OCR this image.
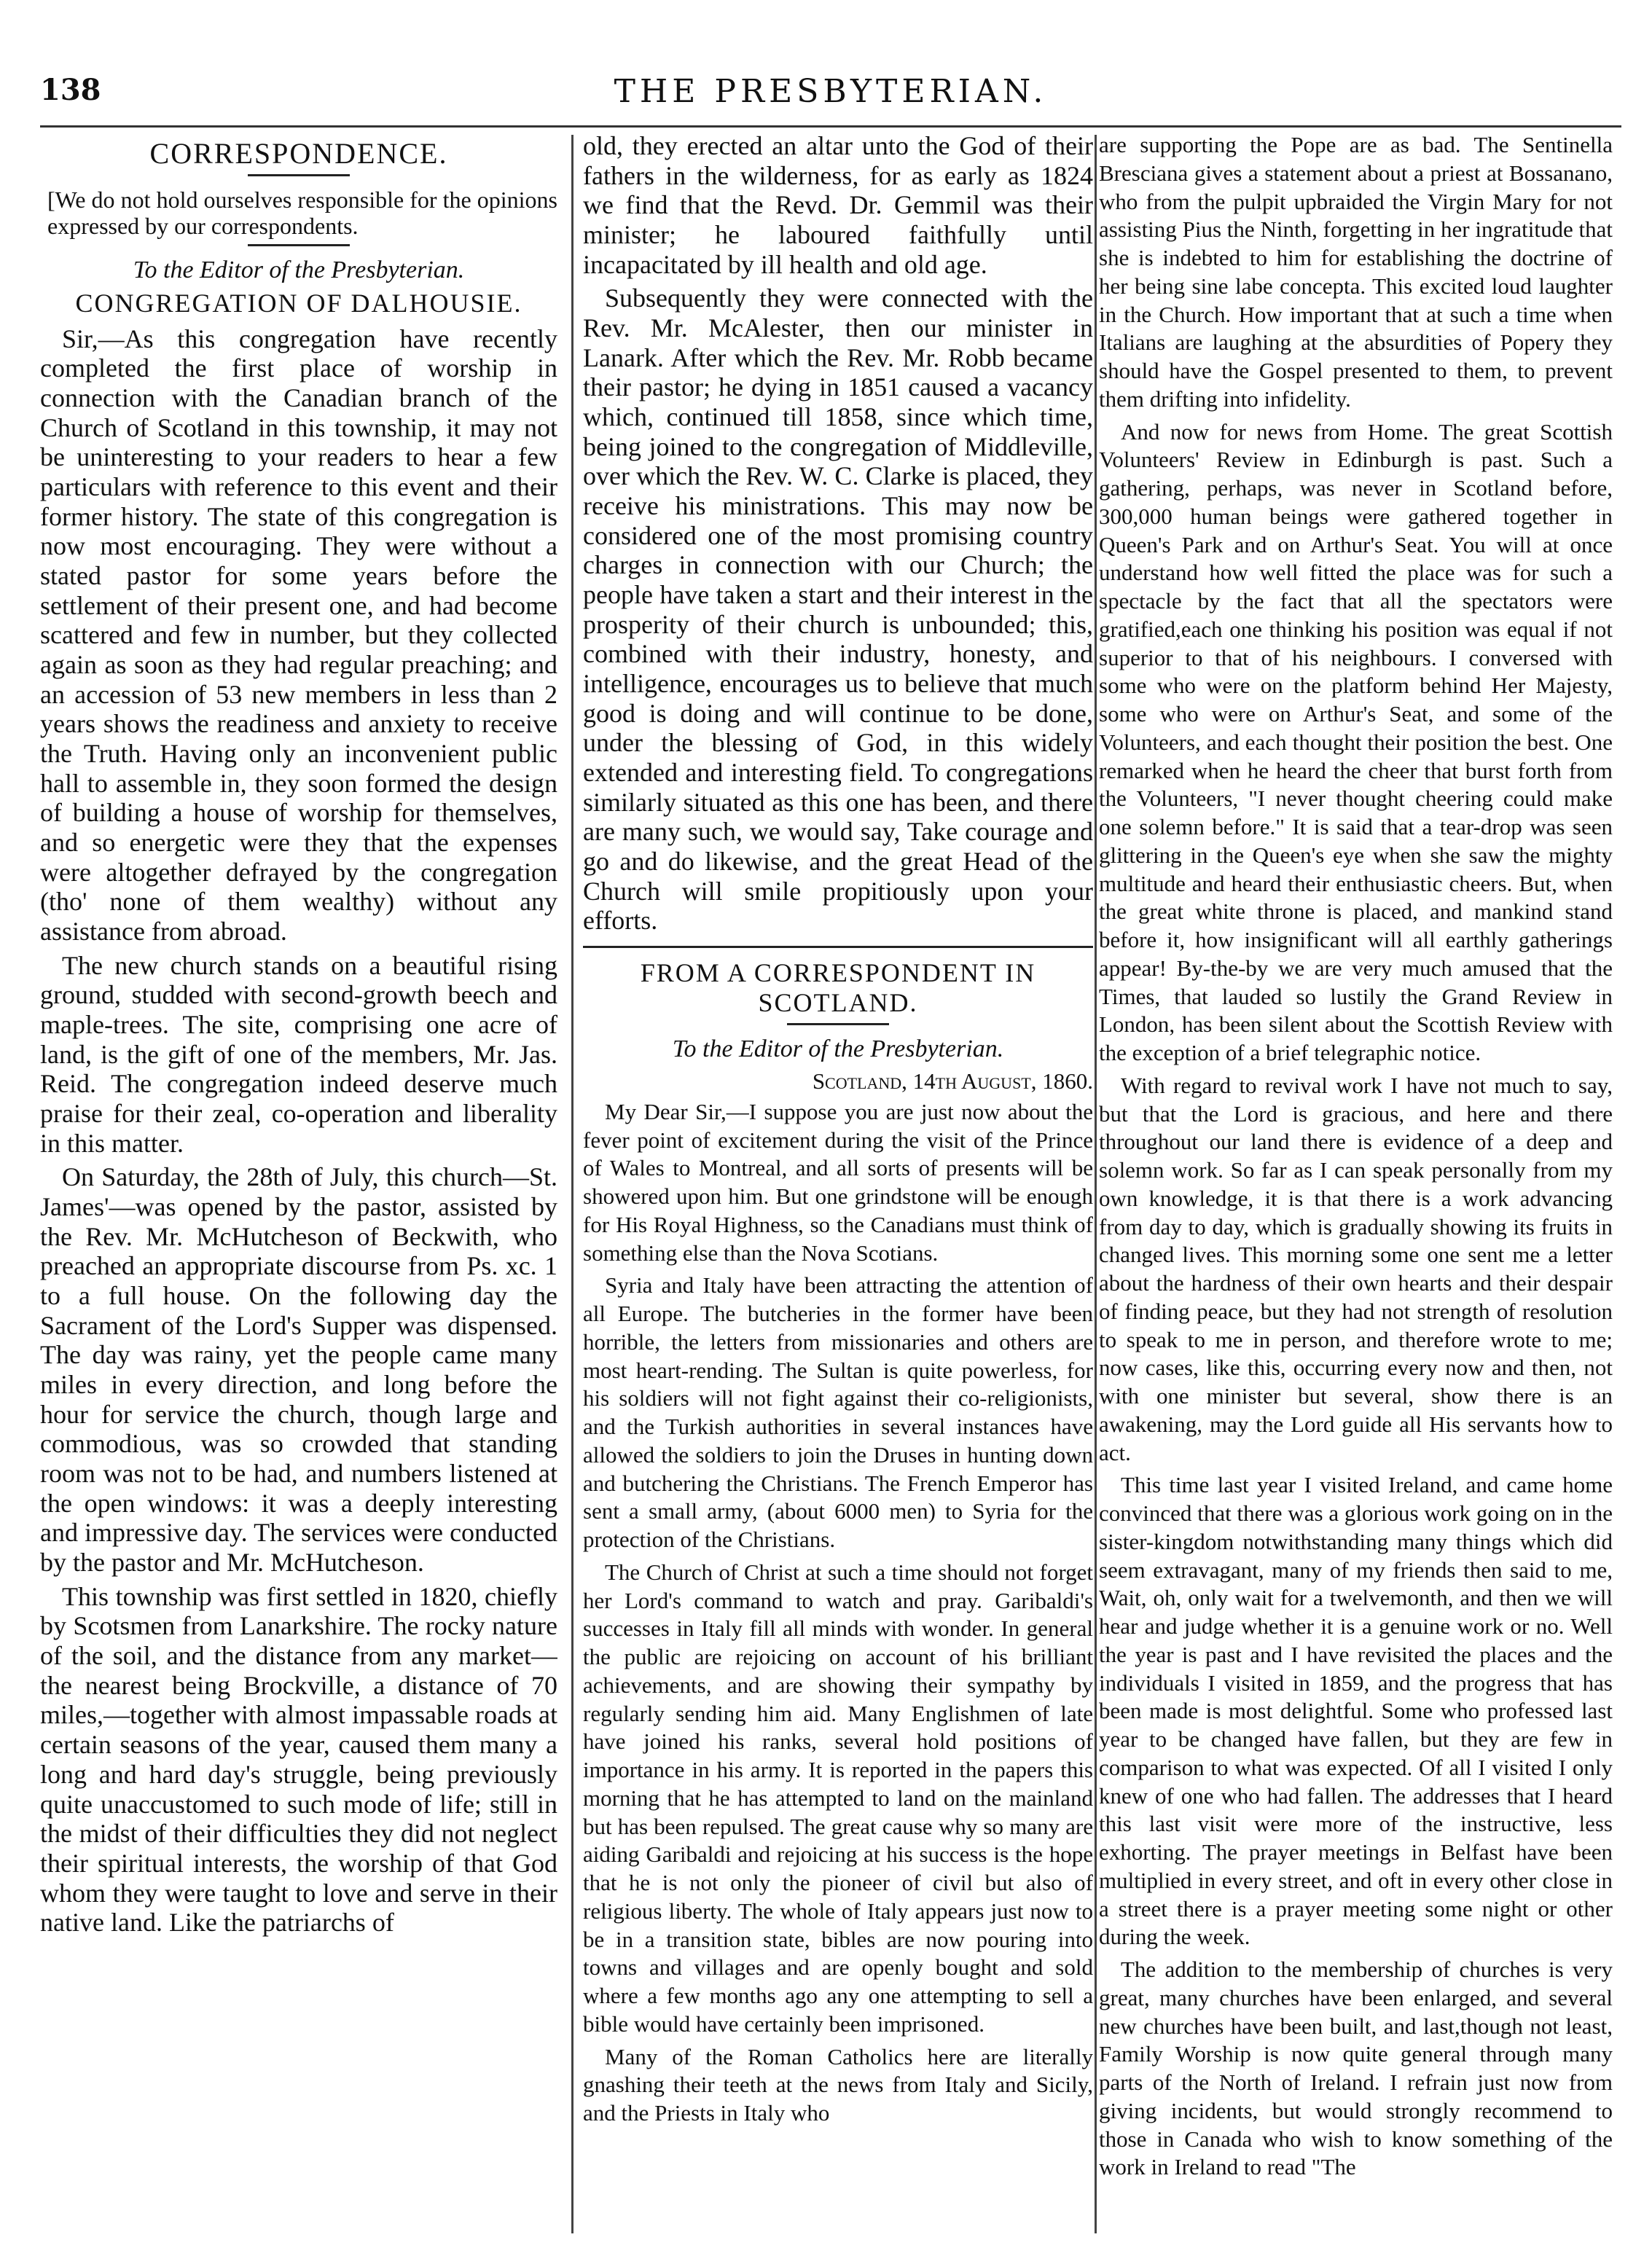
138	THE PRESBYTERIAN.
CORRESPONDENCE.

[We do not hold ourselves responsible for the opinions expressed by our correspondents.

To the Editor of the Presbyterian.

CONGREGATION OF DALHOUSIE.

Sir,—As this congregation have recently completed the first place of worship in connection with the Canadian branch of the Church of Scotland in this township, it may not be uninteresting to your readers to hear a few particulars with reference to this event and their former history. The state of this congregation is now most encouraging. They were without a stated pastor for some years before the settlement of their present one, and had become scattered and few in number, but they collected again as soon as they had regular preaching; and an accession of 53 new members in less than 2 years shows the readiness and anxiety to receive the Truth. Having only an inconvenient public hall to assemble in, they soon formed the design of building a house of worship for themselves, and so energetic were they that the expenses were altogether defrayed by the congregation (tho' none of them wealthy) without any assistance from abroad.

The new church stands on a beautiful rising ground, studded with second-growth beech and maple-trees. The site, comprising one acre of land, is the gift of one of the members, Mr. Jas. Reid. The congregation indeed deserve much praise for their zeal, co-operation and liberality in this matter.

On Saturday, the 28th of July, this church—St. James'—was opened by the pastor, assisted by the Rev. Mr. McHutcheson of Beckwith, who preached an appropriate discourse from Ps. xc. 1 to a full house. On the following day the Sacrament of the Lord's Supper was dispensed. The day was rainy, yet the people came many miles in every direction, and long before the hour for service the church, though large and commodious, was so crowded that standing room was not to be had, and numbers listened at the open windows: it was a deeply interesting and impressive day. The services were conducted by the pastor and Mr. McHutcheson.

This township was first settled in 1820, chiefly by Scotsmen from Lanarkshire. The rocky nature of the soil, and the distance from any market—the nearest being Brockville, a distance of 70 miles,—together with almost impassable roads at certain seasons of the year, caused them many a long and hard day's struggle, being previously quite unaccustomed to such mode of life; still in the midst of their difficulties they did not neglect their spiritual interests, the worship of that God whom they were taught to love and serve in their native land. Like the patriarchs of

old, they erected an altar unto the God of their fathers in the wilderness, for as early as 1824 we find that the Revd. Dr. Gemmil was their minister; he laboured faithfully until incapacitated by ill health and old age.

Subsequently they were connected with the Rev. Mr. McAlester, then our minister in Lanark. After which the Rev. Mr. Robb became their pastor; he dying in 1851 caused a vacancy which, continued till 1858, since which time, being joined to the congregation of Middleville, over which the Rev. W. C. Clarke is placed, they receive his ministrations. This may now be considered one of the most promising country charges in connection with our Church; the people have taken a start and their interest in the prosperity of their church is unbounded; this, combined with their industry, honesty, and intelligence, encourages us to believe that much good is doing and will continue to be done, under the blessing of God, in this widely extended and interesting field. To congregations similarly situated as this one has been, and there are many such, we would say, Take courage and go and do likewise, and the great Head of the Church will smile propitiously upon your efforts.

FROM A CORRESPONDENT IN SCOTLAND.

To the Editor of the Presbyterian.

Scotland, 14th August, 1860.

My Dear Sir,—I suppose you are just now about the fever point of excitement during the visit of the Prince of Wales to Montreal, and all sorts of presents will be showered upon him. But one grindstone will be enough for His Royal Highness, so the Canadians must think of something else than the Nova Scotians.

Syria and Italy have been attracting the attention of all Europe. The butcheries in the former have been horrible, the letters from missionaries and others are most heart-rending. The Sultan is quite powerless, for his soldiers will not fight against their co-religionists, and the Turkish authorities in several instances have allowed the soldiers to join the Druses in hunting down and butchering the Christians. The French Emperor has sent a small army, (about 6000 men) to Syria for the protection of the Christians.

The Church of Christ at such a time should not forget her Lord's command to watch and pray. Garibaldi's successes in Italy fill all minds with wonder. In general the public are rejoicing on account of his brilliant achievements, and are showing their sympathy by regularly sending him aid. Many Englishmen of late have joined his ranks, several hold positions of importance in his army. It is reported in the papers this morning that he has attempted to land on the mainland but has been repulsed. The great cause why so many are aiding Garibaldi and rejoicing at his success is the hope that he is not only the pioneer of civil but also of religious liberty. The whole of Italy appears just now to be in a transition state, bibles are now pouring into towns and villages and are openly bought and sold where a few months ago any one attempting to sell a bible would have certainly been imprisoned.

Many of the Roman Catholics here are literally gnashing their teeth at the news from Italy and Sicily, and the Priests in Italy who

are supporting the Pope are as bad. The Sentinella Bresciana gives a statement about a priest at Bossanano, who from the pulpit upbraided the Virgin Mary for not assisting Pius the Ninth, forgetting in her ingratitude that she is indebted to him for establishing the doctrine of her being sine labe concepta. This excited loud laughter in the Church. How important that at such a time when Italians are laughing at the absurdities of Popery they should have the Gospel presented to them, to prevent them drifting into infidelity.

And now for news from Home. The great Scottish Volunteers' Review in Edinburgh is past. Such a gathering, perhaps, was never in Scotland before, 300,000 human beings were gathered together in Queen's Park and on Arthur's Seat. You will at once understand how well fitted the place was for such a spectacle by the fact that all the spectators were gratified,each one thinking his position was equal if not superior to that of his neighbours. I conversed with some who were on the platform behind Her Majesty, some who were on Arthur's Seat, and some of the Volunteers, and each thought their position the best. One remarked when he heard the cheer that burst forth from the Volunteers, "I never thought cheering could make one solemn before." It is said that a tear-drop was seen glittering in the Queen's eye when she saw the mighty multitude and heard their enthusiastic cheers. But, when the great white throne is placed, and mankind stand before it, how insignificant will all earthly gatherings appear! By-the-by we are very much amused that the Times, that lauded so lustily the Grand Review in London, has been silent about the Scottish Review with the exception of a brief telegraphic notice.

With regard to revival work I have not much to say, but that the Lord is gracious, and here and there throughout our land there is evidence of a deep and solemn work. So far as I can speak personally from my own knowledge, it is that there is a work advancing from day to day, which is gradually showing its fruits in changed lives. This morning some one sent me a letter about the hardness of their own hearts and their despair of finding peace, but they had not strength of resolution to speak to me in person, and therefore wrote to me; now cases, like this, occurring every now and then, not with one minister but several, show there is an awakening, may the Lord guide all His servants how to act.

This time last year I visited Ireland, and came home convinced that there was a glorious work going on in the sister-kingdom notwithstanding many things which did seem extravagant, many of my friends then said to me, Wait, oh, only wait for a twelvemonth, and then we will hear and judge whether it is a genuine work or no. Well the year is past and I have revisited the places and the individuals I visited in 1859, and the progress that has been made is most delightful. Some who professed last year to be changed have fallen, but they are few in comparison to what was expected. Of all I visited I only knew of one who had fallen. The addresses that I heard this last visit were more of the instructive, less exhorting. The prayer meetings in Belfast have been multiplied in every street, and oft in every other close in a street there is a prayer meeting some night or other during the week.

The addition to the membership of churches is very great, many churches have been enlarged, and several new churches have been built, and last,though not least, Family Worship is now quite general through many parts of the North of Ireland. I refrain just now from giving incidents, but would strongly recommend to those in Canada who wish to know something of the work in Ireland to read "The
